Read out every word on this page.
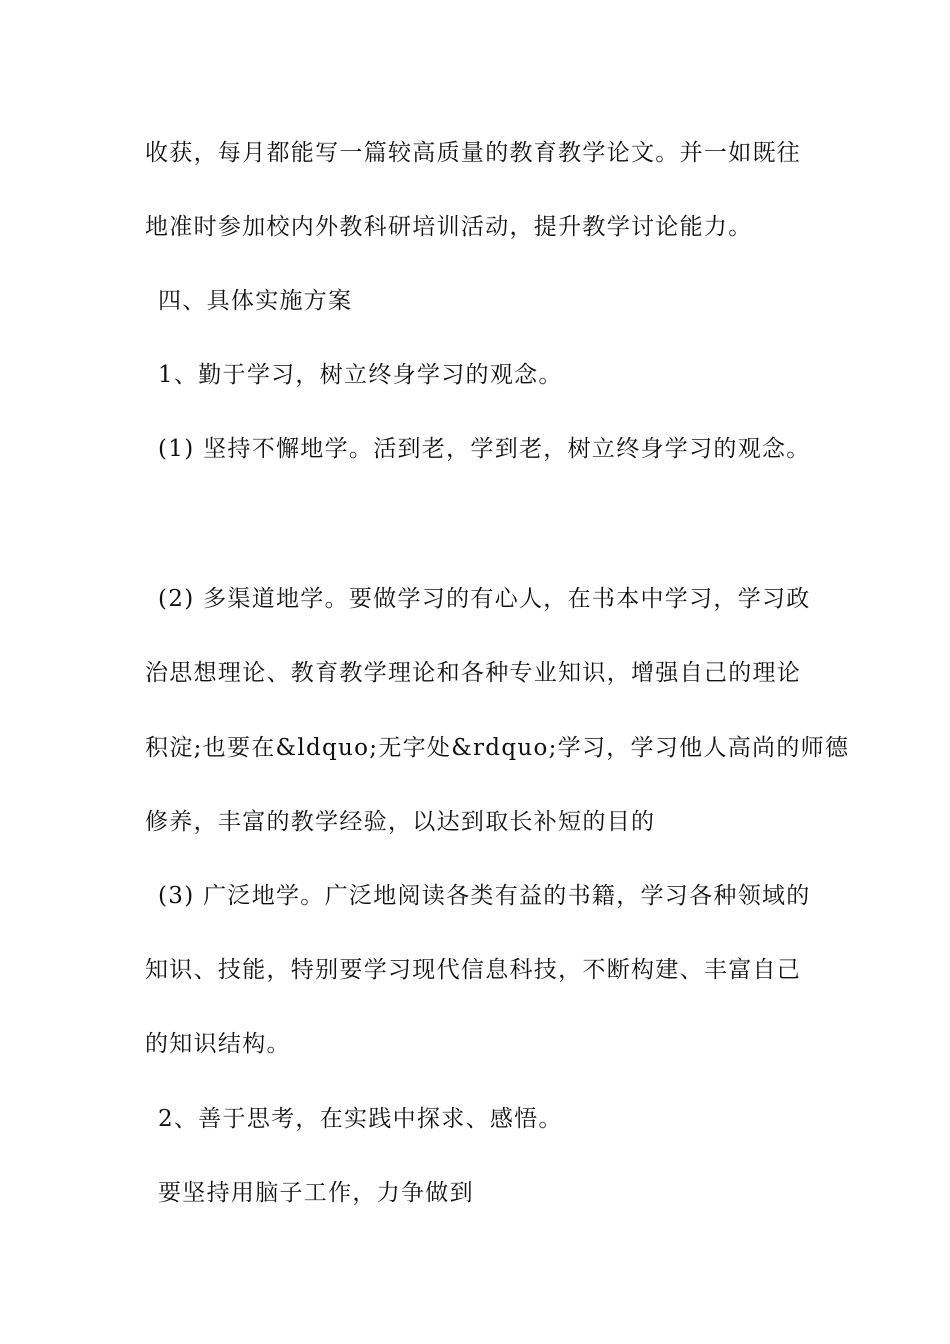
收获，每月都能写一篇较高质量的教育教学论文。并一如既往
地准时参加校内外教科研培训活动，提升教学讨论能力。
四、具体实施方案
1、勤于学习，树立终身学习的观念。
(1) 坚持不懈地学。活到老，学到老，树立终身学习的观念。
(2) 多渠道地学。要做学习的有心人，在书本中学习，学习政
治思想理论、教育教学理论和各种专业知识，增强自己的理论
积淀;也要在&ldquo;无字处&rdquo;学习，学习他人高尚的师德
修养，丰富的教学经验，以达到取长补短的目的
(3) 广泛地学。广泛地阅读各类有益的书籍，学习各种领域的
知识、技能，特别要学习现代信息科技，不断构建、丰富自己
的知识结构。
2、善于思考，在实践中探求、感悟。
要坚持用脑子工作，力争做到
